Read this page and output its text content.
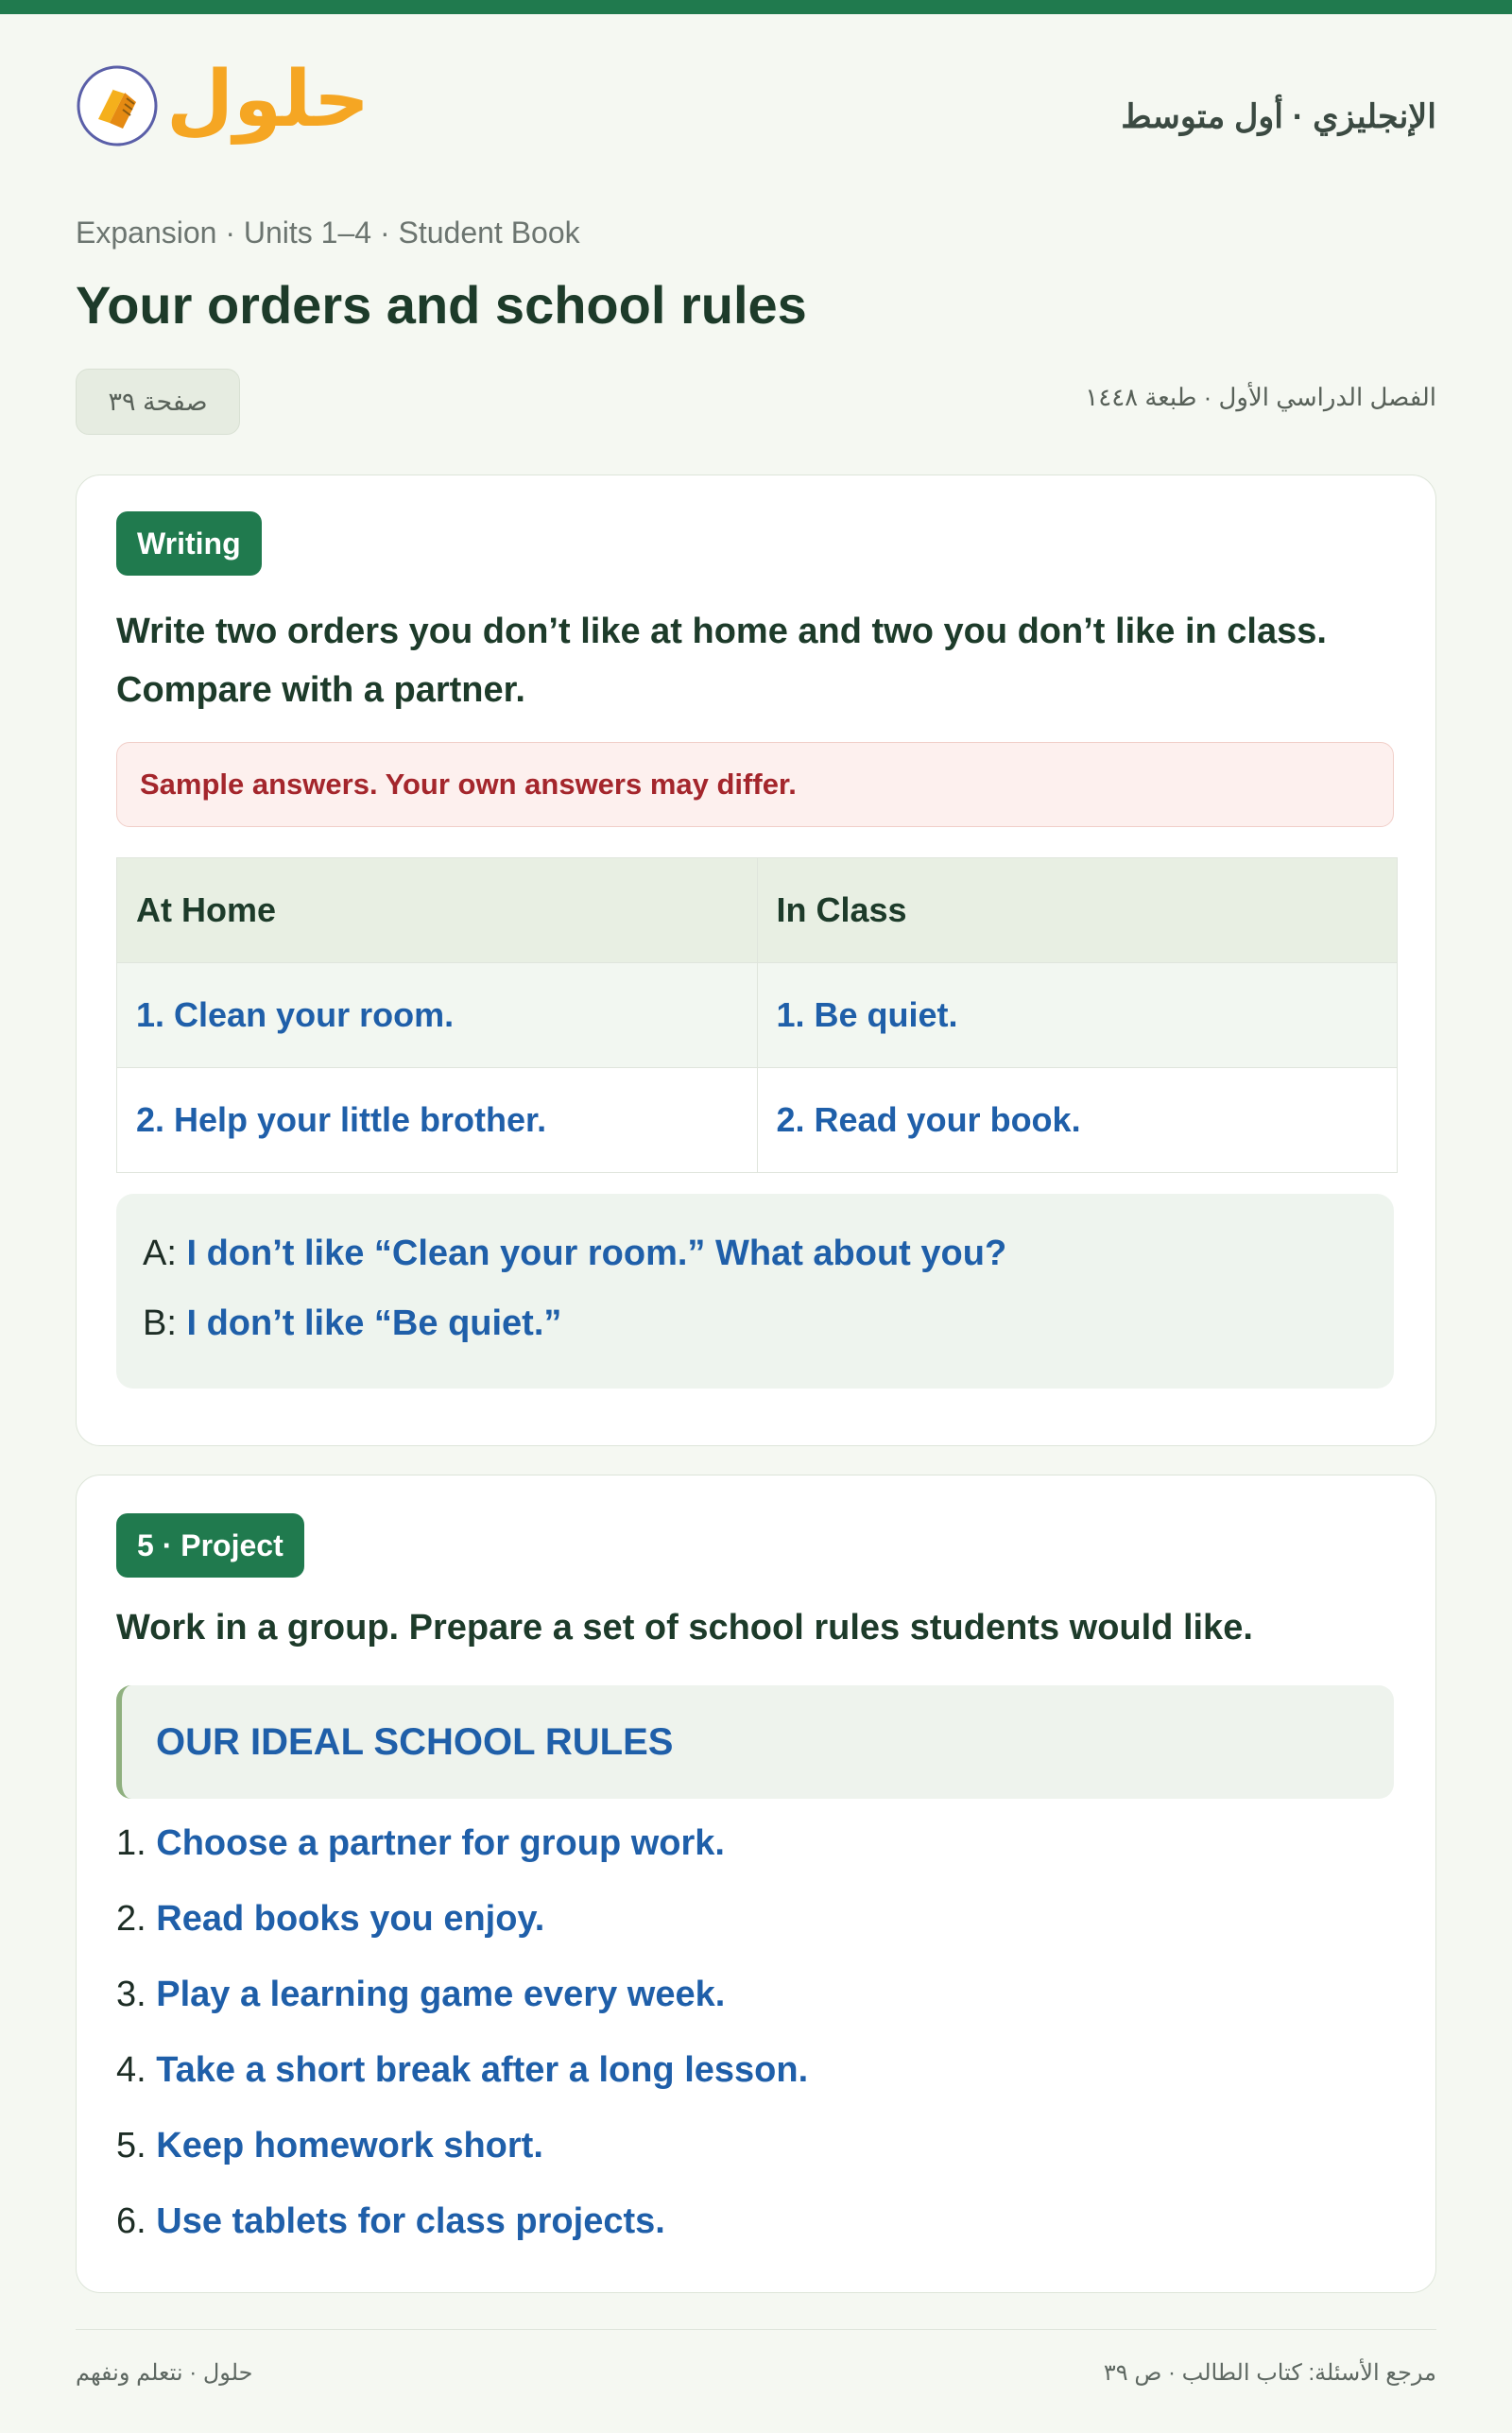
حلول	الإنجليزي · أول متوسط
Expansion · Units 1–4 · Student Book
Your orders and school rules
صفحة ٣٩	الفصل الدراسي الأول · طبعة ١٤٤٨
Writing
Write two orders you don’t like at home and two you don’t like in class.
Compare with a partner.
Sample answers. Your own answers may differ.
At Home	In Class
1. Clean your room.	1. Be quiet.
2. Help your little brother.	2. Read your book.
A: I don’t like “Clean your room.” What about you?
B: I don’t like “Be quiet.”
5 · Project
Work in a group. Prepare a set of school rules students would like.
OUR IDEAL SCHOOL RULES
1. Choose a partner for group work.
2. Read books you enjoy.
3. Play a learning game every week.
4. Take a short break after a long lesson.
5. Keep homework short.
6. Use tablets for class projects.
حلول · نتعلم ونفهم	مرجع الأسئلة: كتاب الطالب · ص ٣٩
